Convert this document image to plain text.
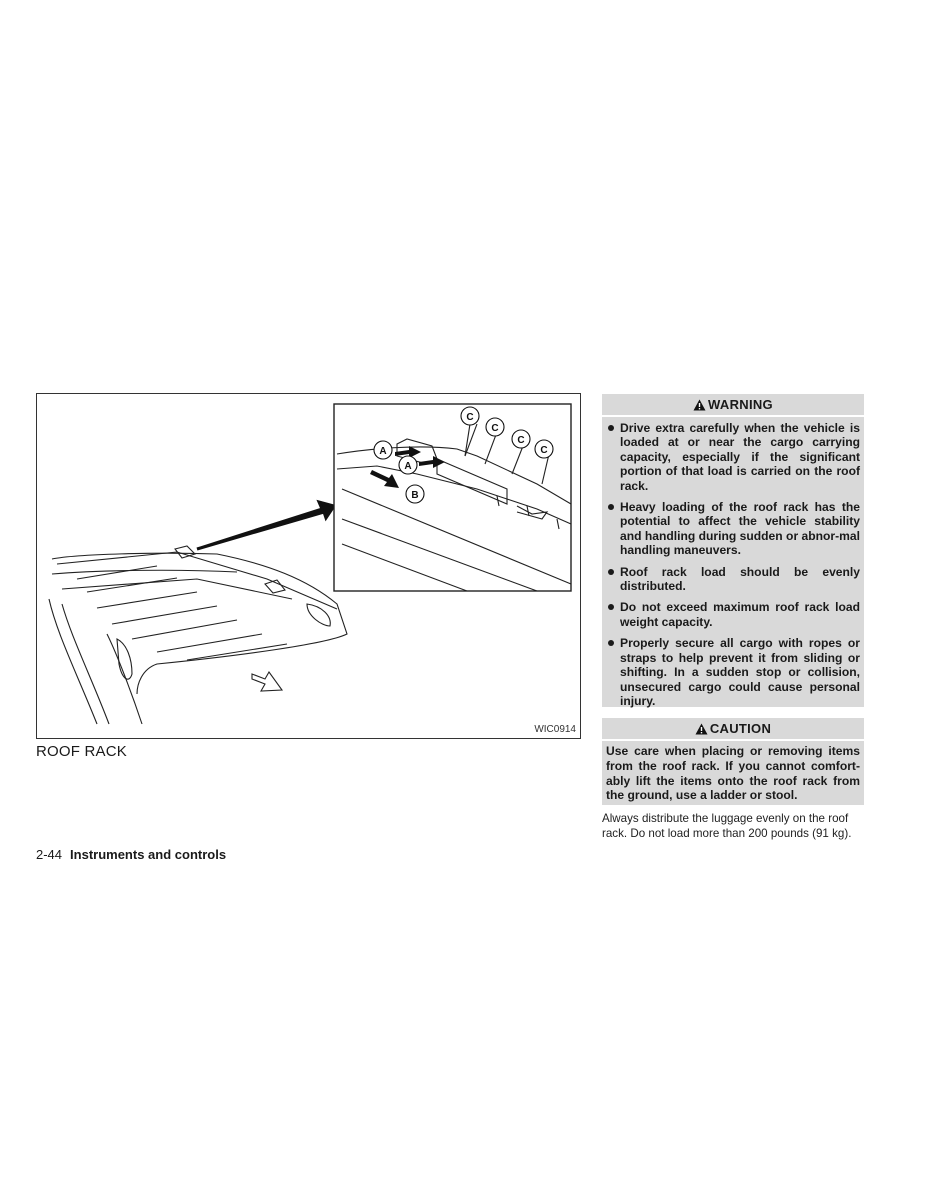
A
A
B
C
C
C
C
WIC0914
ROOF RACK
WARNING
Drive extra carefully when the vehicle is loaded at or near the cargo carrying capacity, especially if the significant portion of that load is carried on the roof rack.
Heavy loading of the roof rack has the potential to affect the vehicle stability and handling during sudden or abnor-mal handling maneuvers.
Roof rack load should be evenly distributed.
Do not exceed maximum roof rack load weight capacity.
Properly secure all cargo with ropes or straps to help prevent it from sliding or shifting. In a sudden stop or collision, unsecured cargo could cause personal injury.
CAUTION
Use care when placing or removing items from the roof rack. If you cannot comfort-ably lift the items onto the roof rack from the ground, use a ladder or stool.
Always distribute the luggage evenly on the roof rack. Do not load more than 200 pounds (91 kg).
2-44 Instruments and controls
